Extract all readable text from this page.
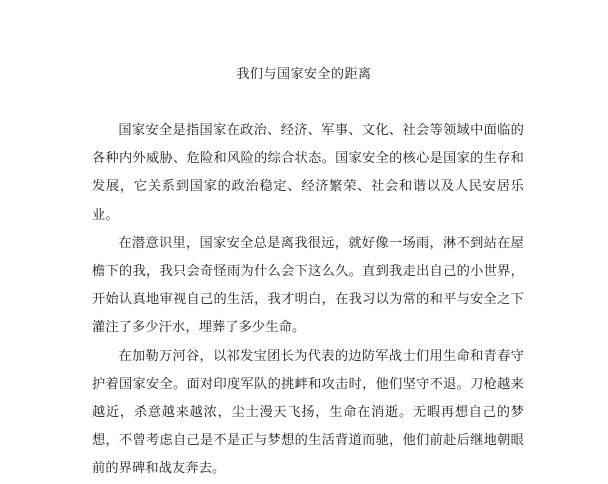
我们与国家安全的距离

国家安全是指国家在政治、经济、军事、文化、社会等领域中面临的各种内外威胁、危险和风险的综合状态。国家安全的核心是国家的生存和发展，它关系到国家的政治稳定、经济繁荣、社会和谐以及人民安居乐业。

在潜意识里，国家安全总是离我很远，就好像一场雨，淋不到站在屋檐下的我，我只会奇怪雨为什么会下这么久。直到我走出自己的小世界，开始认真地审视自己的生活，我才明白，在我习以为常的和平与安全之下灌注了多少汗水，埋葬了多少生命。

在加勒万河谷，以祁发宝团长为代表的边防军战士们用生命和青春守护着国家安全。面对印度军队的挑衅和攻击时，他们坚守不退。刀枪越来越近，杀意越来越浓，尘土漫天飞扬，生命在消逝。无暇再想自己的梦想，不曾考虑自己是不是正与梦想的生活背道而驰，他们前赴后继地朝眼前的界碑和战友奔去。
